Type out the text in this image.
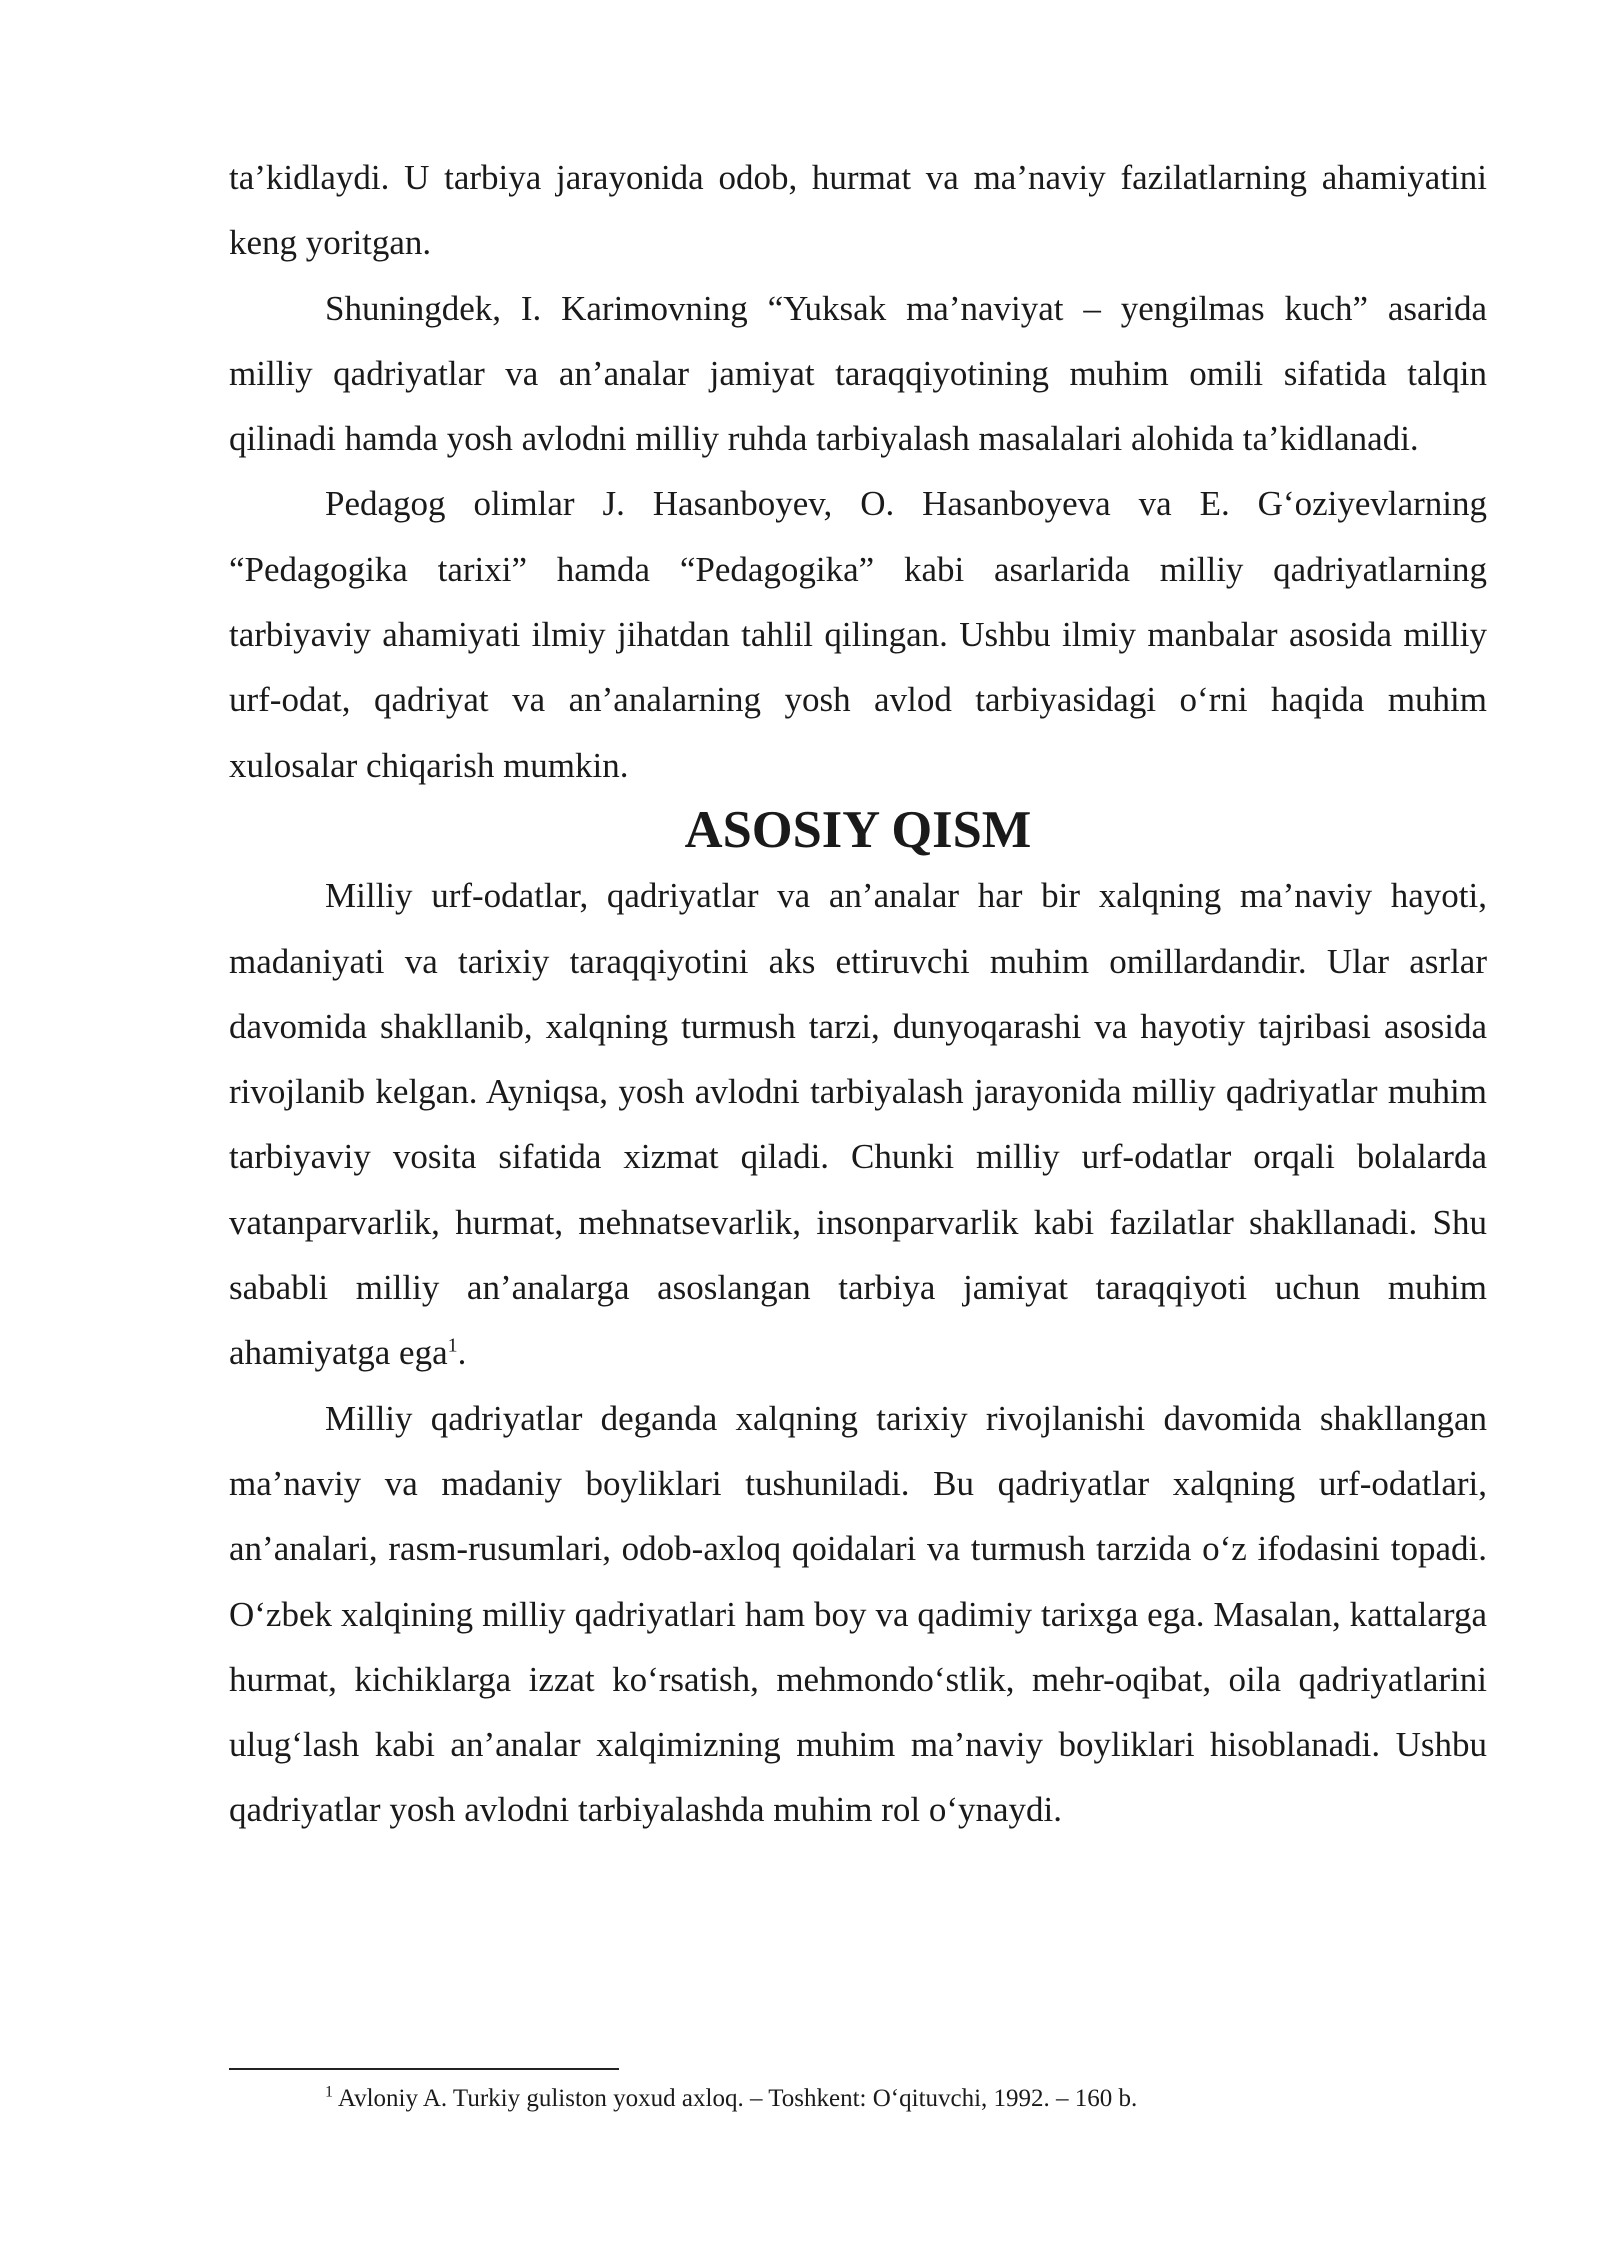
ta’kidlaydi. U tarbiya jarayonida odob, hurmat va ma’naviy fazilatlarning ahamiyatini keng yoritgan.

Shuningdek, I. Karimovning “Yuksak ma’naviyat – yengilmas kuch” asarida milliy qadriyatlar va an’analar jamiyat taraqqiyotining muhim omili sifatida talqin qilinadi hamda yosh avlodni milliy ruhda tarbiyalash masalalari alohida ta’kidlanadi.

Pedagog olimlar J. Hasanboyev, O. Hasanboyeva va E. G‘oziyevlarning “Pedagogika tarixi” hamda “Pedagogika” kabi asarlarida milliy qadriyatlarning tarbiyaviy ahamiyati ilmiy jihatdan tahlil qilingan. Ushbu ilmiy manbalar asosida milliy urf-odat, qadriyat va an’analarning yosh avlod tarbiyasidagi o‘rni haqida muhim xulosalar chiqarish mumkin.

ASOSIY QISM

Milliy urf-odatlar, qadriyatlar va an’analar har bir xalqning ma’naviy hayoti, madaniyati va tarixiy taraqqiyotini aks ettiruvchi muhim omillardandir. Ular asrlar davomida shakllanib, xalqning turmush tarzi, dunyoqarashi va hayotiy tajribasi asosida rivojlanib kelgan. Ayniqsa, yosh avlodni tarbiyalash jarayonida milliy qadriyatlar muhim tarbiyaviy vosita sifatida xizmat qiladi. Chunki milliy urf-odatlar orqali bolalarda vatanparvarlik, hurmat, mehnatsevarlik, insonparvarlik kabi fazilatlar shakllanadi. Shu sababli milliy an’analarga asoslangan tarbiya jamiyat taraqqiyoti uchun muhim ahamiyatga ega$^1$.

Milliy qadriyatlar deganda xalqning tarixiy rivojlanishi davomida shakllangan ma’naviy va madaniy boyliklari tushuniladi. Bu qadriyatlar xalqning urf-odatlari, an’analari, rasm-rusumlari, odob-axloq qoidalari va turmush tarzida o‘z ifodasini topadi. O‘zbek xalqining milliy qadriyatlari ham boy va qadimiy tarixga ega. Masalan, kattalarga hurmat, kichiklarga izzat ko‘rsatish, mehmondo‘stlik, mehr-oqibat, oila qadriyatlarini ulug‘lash kabi an’analar xalqimizning muhim ma’naviy boyliklari hisoblanadi. Ushbu qadriyatlar yosh avlodni tarbiyalashda muhim rol o‘ynaydi.

$^1$ Avloniy A. Turkiy guliston yoxud axloq. – Toshkent: O‘qituvchi, 1992. – 160 b.
